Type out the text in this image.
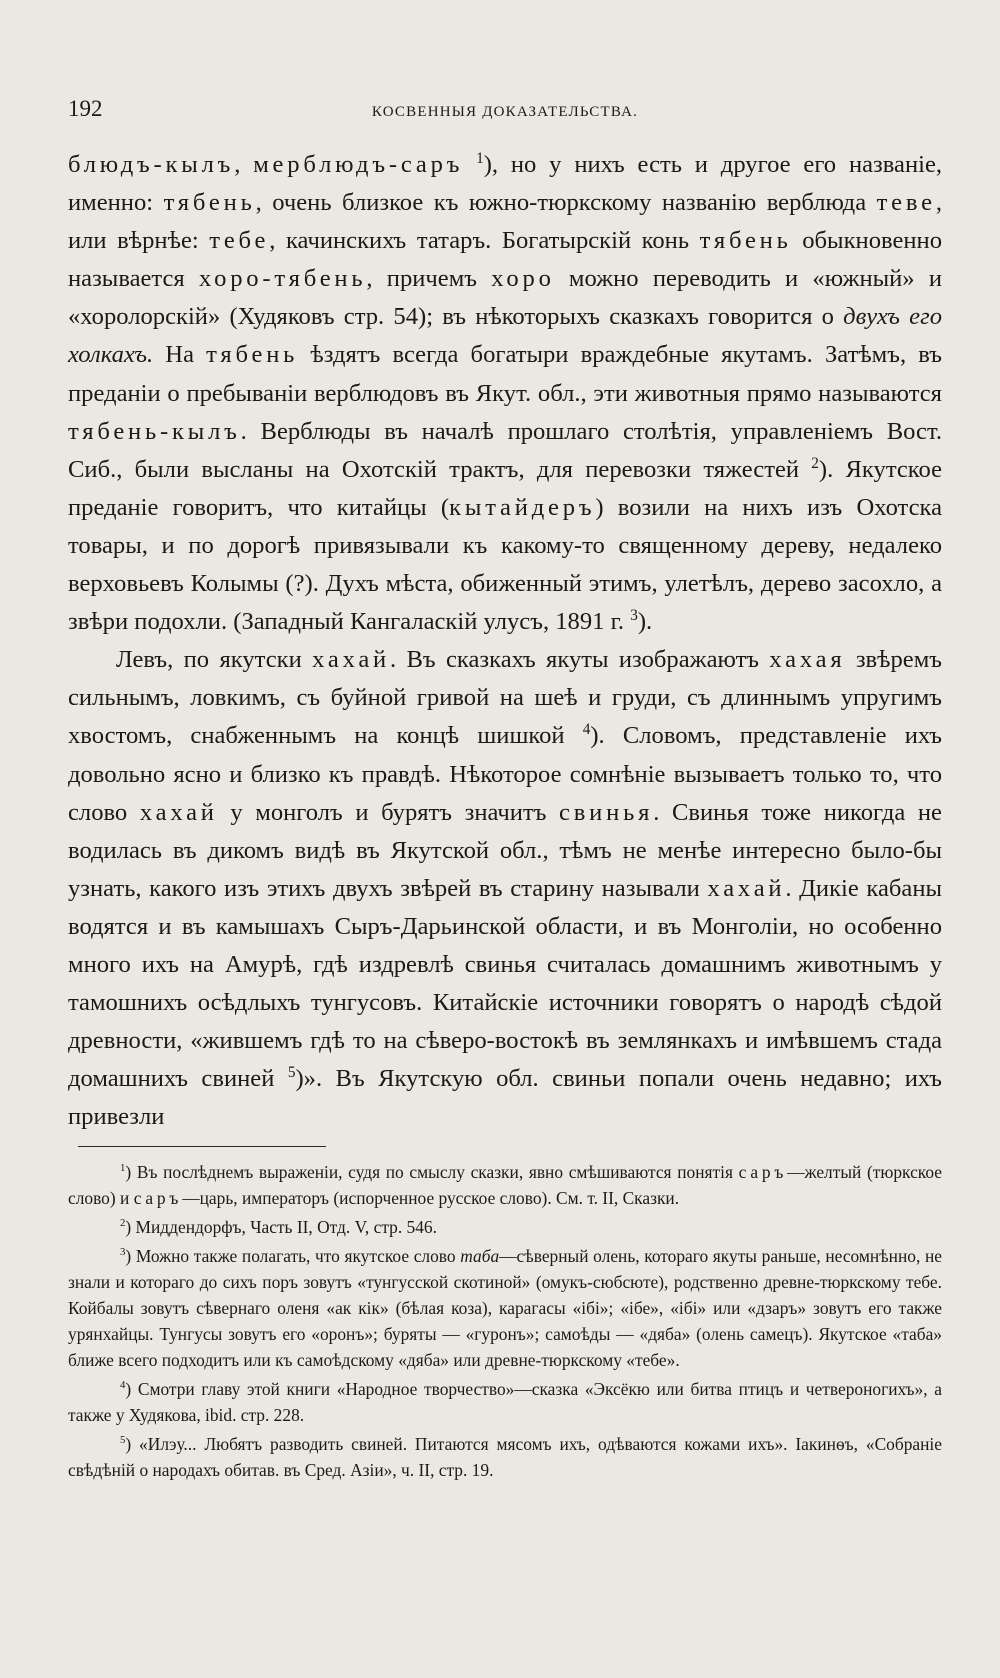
192	КОСВЕННЫЯ ДОКАЗАТЕЛЬСТВА.

блюдъ-кылъ, мерблюдъ-саръ $^1$), но у нихъ есть и другое его названіе, именно: тябень, очень близкое къ южно-тюркскому названію верблюда теве, или вѣрнѣе: тебе, качинскихъ татаръ. Богатырскій конь тябень обыкновенно называется хоро-тябень, причемъ хоро можно переводить и «южный» и «хоролорскій» (Худяковъ стр. 54); въ нѣкоторыхъ сказкахъ говорится о двухъ его холкахъ. На тябень ѣздятъ всегда богатыри враждебные якутамъ. Затѣмъ, въ преданіи о пребываніи верблюдовъ въ Якут. обл., эти животныя прямо называются тябень-кылъ. Верблюды въ началѣ прошлаго столѣтія, управленіемъ Вост. Сиб., были высланы на Охотскій трактъ, для перевозки тяжестей $^2$). Якутское преданіе говоритъ, что китайцы (кытайдеръ) возили на нихъ изъ Охотска товары, и по дорогѣ привязывали къ какому-то священному дереву, недалеко верховьевъ Колымы (?). Духъ мѣста, обиженный этимъ, улетѣлъ, дерево засохло, а звѣри подохли. (Западный Кангаласкій улусъ, 1891 г. $^3$).

Левъ, по якутски хахай. Въ сказкахъ якуты изображаютъ хахая звѣремъ сильнымъ, ловкимъ, съ буйной гривой на шеѣ и груди, съ длиннымъ упругимъ хвостомъ, снабженнымъ на концѣ шишкой $^4$). Словомъ, представленіе ихъ довольно ясно и близко къ правдѣ. Нѣкоторое сомнѣніе вызываетъ только то, что слово хахай у монголъ и бурятъ значитъ свинья. Свинья тоже никогда не водилась въ дикомъ видѣ въ Якутской обл., тѣмъ не менѣе интересно было-бы узнать, какого изъ этихъ двухъ звѣрей въ старину называли хахай. Дикіе кабаны водятся и въ камышахъ Сыръ-Дарьинской области, и въ Монголіи, но особенно много ихъ на Амурѣ, гдѣ издревлѣ свинья считалась домашнимъ животнымъ у тамошнихъ осѣдлыхъ тунгусовъ. Китайскіе источники говорятъ о народѣ сѣдой древности, «жившемъ гдѣ то на сѣверо-востокѣ въ землянкахъ и имѣвшемъ стада домашнихъ свиней $^5$)». Въ Якутскую обл. свиньи попали очень недавно; ихъ привезли

$^1$) Въ послѣднемъ выраженіи, судя по смыслу сказки, явно смѣшиваются понятія саръ—желтый (тюркское слово) и саръ—царь, императоръ (испорченное русское слово). См. т. II, Сказки.

$^2$) Миддендорфъ, Часть II, Отд. V, стр. 546.

$^3$) Можно также полагать, что якутское слово таба—сѣверный олень, котораго якуты раньше, несомнѣнно, не знали и котораго до сихъ поръ зовутъ «тунгусской скотиной» (омукъ-сюбсюте), родственно древне-тюркскому тебе. Койбалы зовутъ сѣвернаго оленя «ак кік» (бѣлая коза), карагасы «ібі»; «ібе», «ібі» или «дзаръ» зовутъ его также урянхайцы. Тунгусы зовутъ его «оронъ»; буряты — «гуронъ»; самоѣды — «дяба» (олень самецъ). Якутское «таба» ближе всего подходитъ или къ самоѣдскому «дяба» или древне-тюркскому «тебе».

$^4$) Смотри главу этой книги «Народное творчество»—сказка «Эксёкю или битва птицъ и четвероногихъ», а также у Худякова, ibid. стр. 228.

$^5$) «Илэу... Любятъ разводить свиней. Питаются мясомъ ихъ, одѣваются кожами ихъ». Іакинѳъ, «Собраніе свѣдѣній о народахъ обитав. въ Сред. Азіи», ч. II, стр. 19.
